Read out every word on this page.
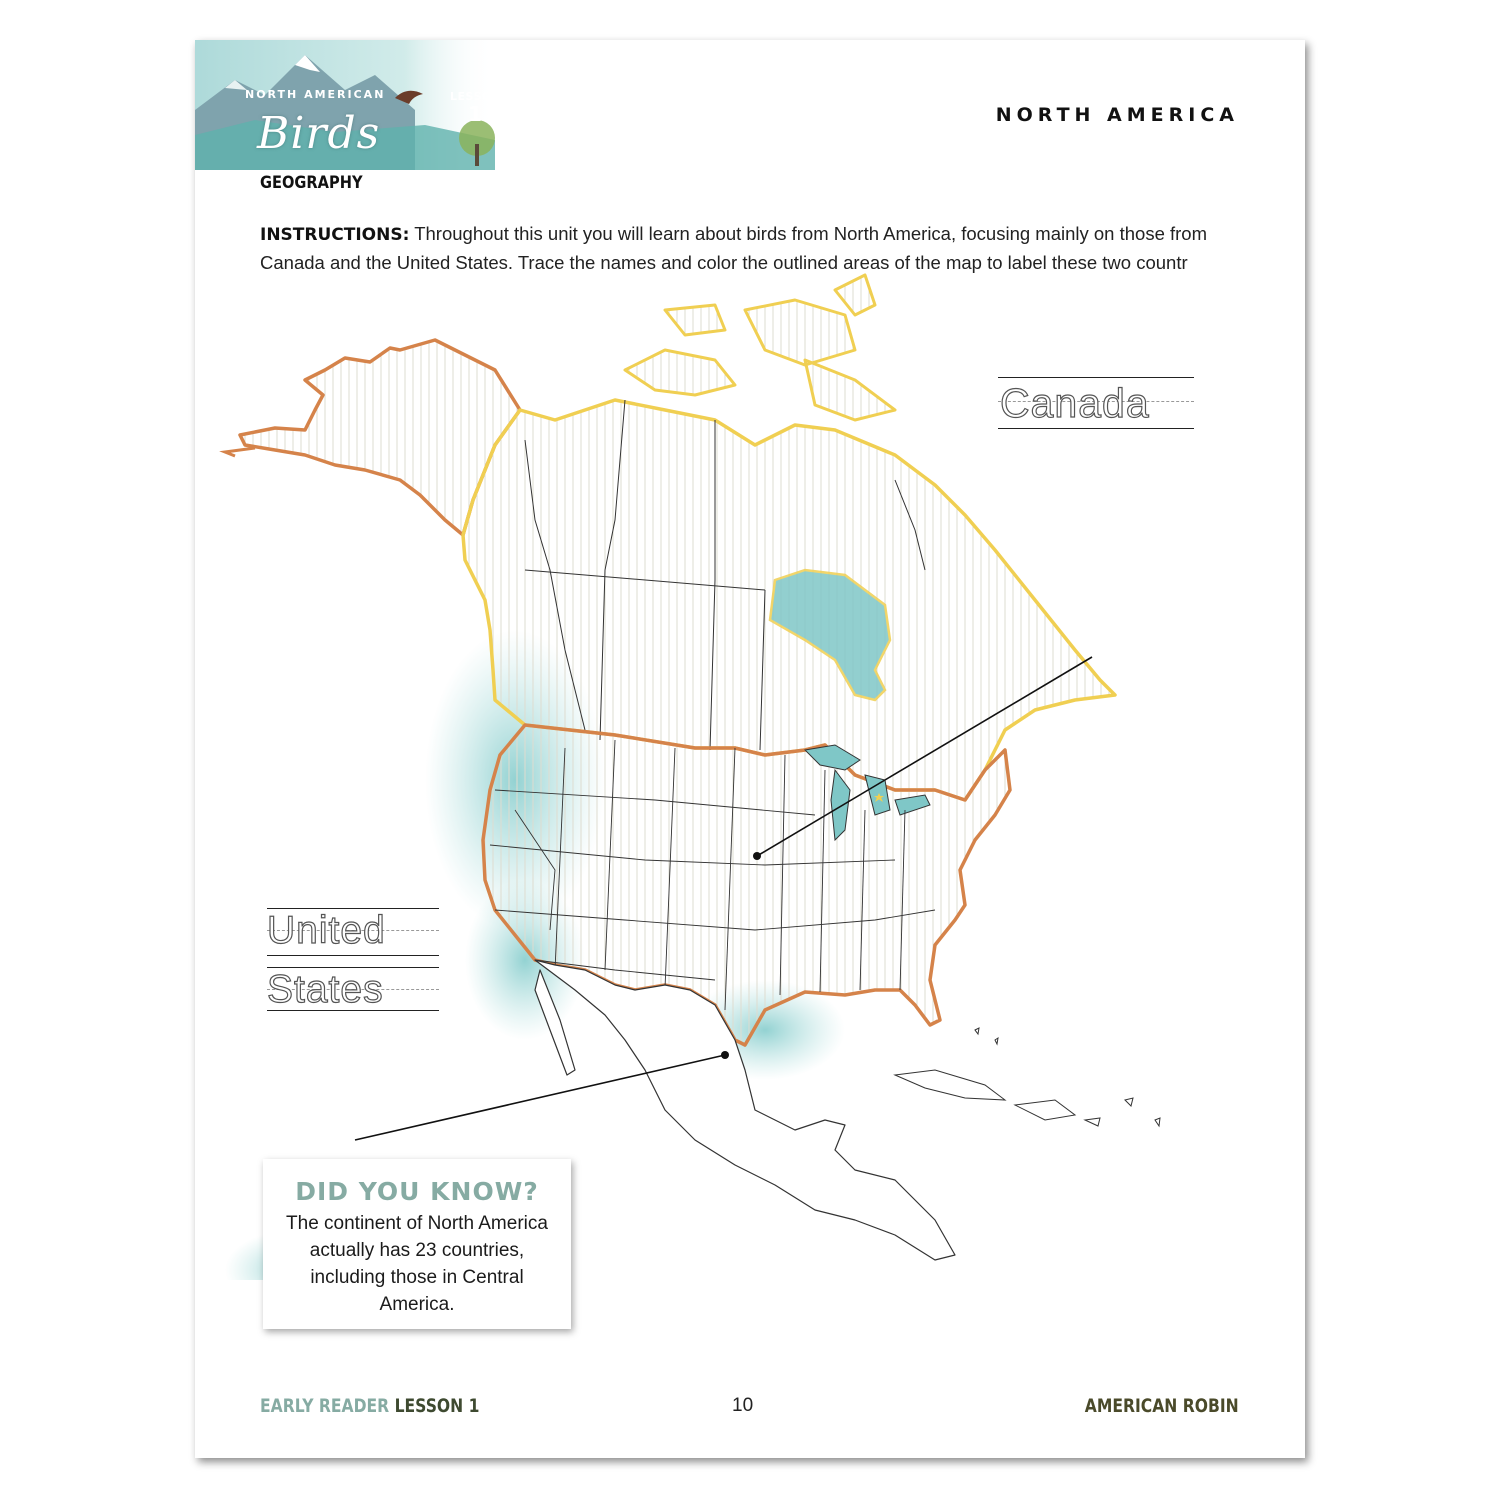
NORTH AMERICAN
Birds
LESSON
1	NORTH AMERICA
GEOGRAPHY
INSTRUCTIONS: Throughout this unit you will learn about birds from North America, focusing mainly on those from Canada and the United States. Trace the names and color the outlined areas of the map to label these two countr
Canada
United
States
DID YOU KNOW?
The continent of North America actually has 23 countries, including those in Central America.
EARLY READER LESSON 1	10	AMERICAN ROBIN
